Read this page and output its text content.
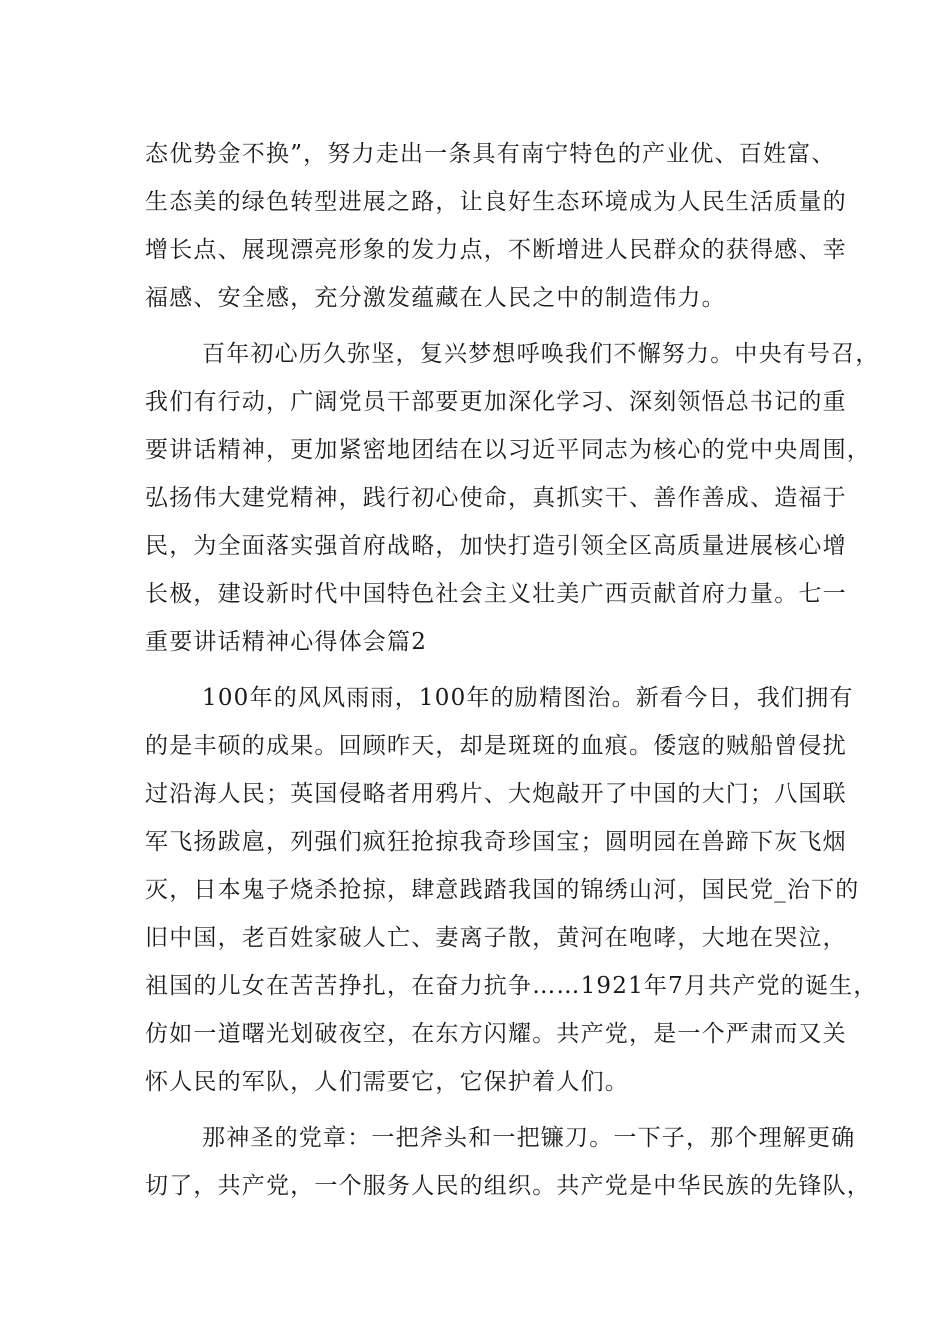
态优势金不换”，努力走出一条具有南宁特色的产业优、百姓富、
生态美的绿色转型进展之路，让良好生态环境成为人民生活质量的
增长点、展现漂亮形象的发力点，不断增进人民群众的获得感、幸
福感、安全感，充分激发蕴藏在人民之中的制造伟力。
百年初心历久弥坚，复兴梦想呼唤我们不懈努力。中央有号召，
我们有行动，广阔党员干部要更加深化学习、深刻领悟总书记的重
要讲话精神，更加紧密地团结在以习近平同志为核心的党中央周围，
弘扬伟大建党精神，践行初心使命，真抓实干、善作善成、造福于
民，为全面落实强首府战略，加快打造引领全区高质量进展核心增
长极，建设新时代中国特色社会主义壮美广西贡献首府力量。七一
重要讲话精神心得体会篇2
100年的风风雨雨，100年的励精图治。新看今日，我们拥有
的是丰硕的成果。回顾昨天，却是斑斑的血痕。倭寇的贼船曾侵扰
过沿海人民；英国侵略者用鸦片、大炮敲开了中国的大门；八国联
军飞扬跋扈，列强们疯狂抢掠我奇珍国宝；圆明园在兽蹄下灰飞烟
灭，日本鬼子烧杀抢掠，肆意践踏我国的锦绣山河，国民党_治下的
旧中国，老百姓家破人亡、妻离子散，黄河在咆哮，大地在哭泣，
祖国的儿女在苦苦挣扎，在奋力抗争……1921年7月共产党的诞生，
仿如一道曙光划破夜空，在东方闪耀。共产党，是一个严肃而又关
怀人民的军队，人们需要它，它保护着人们。
那神圣的党章：一把斧头和一把镰刀。一下子，那个理解更确
切了，共产党，一个服务人民的组织。共产党是中华民族的先锋队，
